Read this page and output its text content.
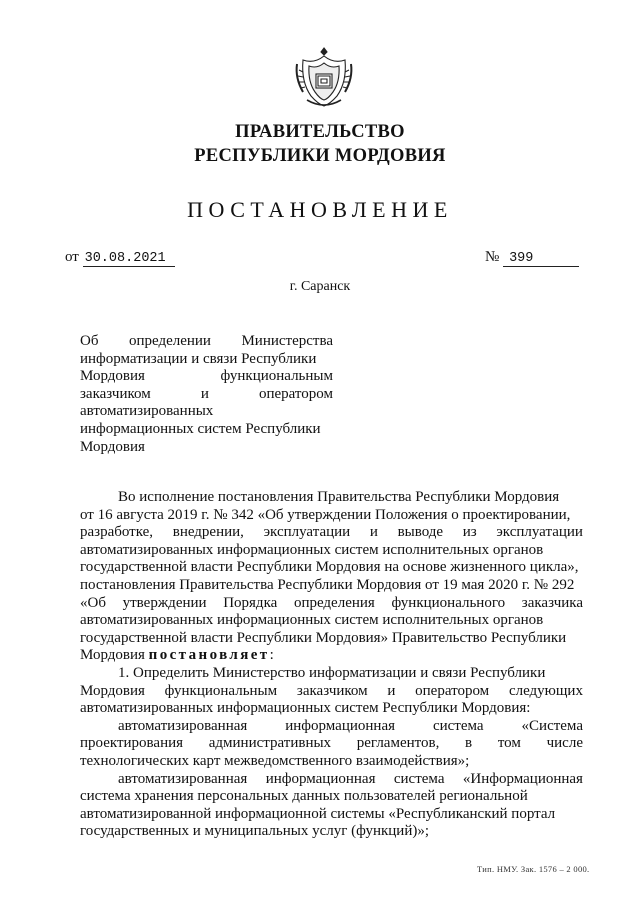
ПРАВИТЕЛЬСТВО
РЕСПУБЛИКИ МОРДОВИЯ
ПОСТАНОВЛЕНИЕ
от 30.08.2021	№ 399
г. Саранск
Об определении Министерства
информатизации и связи Республики
Мордовия	функциональным
заказчиком	и	оператором
автоматизированных
информационных систем Республики
Мордовия
Во исполнение постановления Правительства Республики Мордовия
от 16 августа 2019 г. № 342 «Об утверждении Положения о проектировании,
разработке, внедрении, эксплуатации и выводе из эксплуатации
автоматизированных информационных систем исполнительных органов
государственной власти Республики Мордовия на основе жизненного цикла»,
постановления Правительства Республики Мордовия от 19 мая 2020 г. № 292
«Об утверждении Порядка определения функционального заказчика
автоматизированных информационных систем исполнительных органов
государственной власти Республики Мордовия» Правительство Республики
Мордовия постановляет:
1. Определить Министерство информатизации и связи Республики
Мордовия функциональным заказчиком и оператором следующих
автоматизированных информационных систем Республики Мордовия:
автоматизированная	информационная	система	«Система
проектирования административных регламентов, в том числе
технологических карт межведомственного взаимодействия»;
автоматизированная информационная система «Информационная
система хранения персональных данных пользователей региональной
автоматизированной информационной системы «Республиканский портал
государственных и муниципальных услуг (функций)»;
Тип. НМУ. Зак. 1576 – 2 000.
